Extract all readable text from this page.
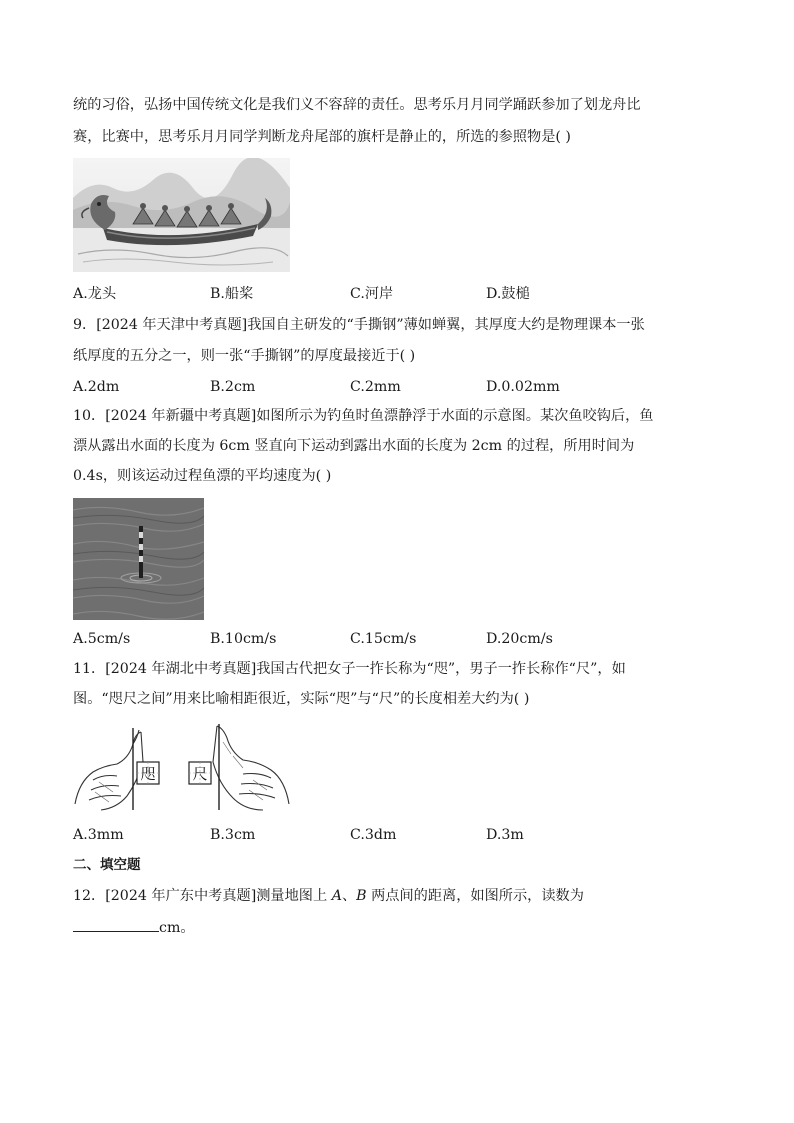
统的习俗，弘扬中国传统文化是我们义不容辞的责任。思考乐月月同学踊跃参加了划龙舟比
赛，比赛中，思考乐月月同学判断龙舟尾部的旗杆是静止的，所选的参照物是( )
A.龙头	B.船桨	C.河岸	D.鼓槌
9．[2024 年天津中考真题]我国自主研发的“手撕钢”薄如蝉翼，其厚度大约是物理课本一张
纸厚度的五分之一，则一张“手撕钢”的厚度最接近于( )
A.2dm	B.2cm	C.2mm	D.0.02mm
10．[2024 年新疆中考真题]如图所示为钓鱼时鱼漂静浮于水面的示意图。某次鱼咬钩后，鱼
漂从露出水面的长度为 6cm 竖直向下运动到露出水面的长度为 2cm 的过程，所用时间为
0.4s，则该运动过程鱼漂的平均速度为( )
A.5cm/s	B.10cm/s	C.15cm/s	D.20cm/s
11．[2024 年湖北中考真题]我国古代把女子一拃长称为“咫”，男子一拃长称作“尺”，如
图。“咫尺之间”用来比喻相距很近，实际“咫”与“尺”的长度相差大约为( )
咫 尺
A.3mm	B.3cm	C.3dm	D.3m
二、填空题
12．[2024 年广东中考真题]测量地图上 A、B 两点间的距离，如图所示，读数为
cm。
